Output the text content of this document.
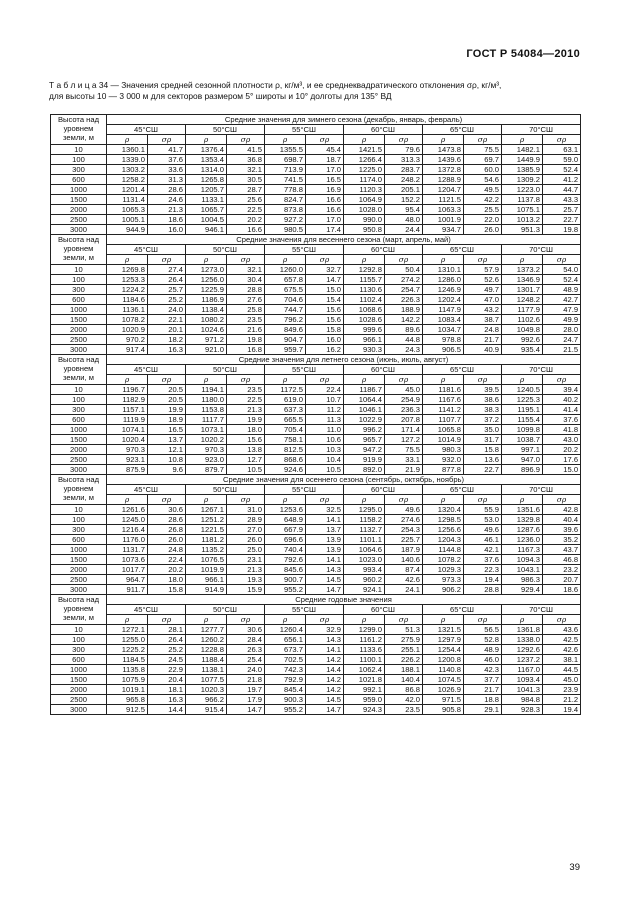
ГОСТ Р 54084—2010
Т а б л и ц а 34 — Значения средней сезонной плотности ρ, кг/м³, и ее среднеквадратического отклонения σρ, кг/м³,
для высоты 10 — 3 000 м для секторов размером 5° широты и 10° долготы для 135° ВД
Высота над уровнем земли, м	Средние значения для зимнего сезона (декабрь, январь, февраль)											
	45°СШ		50°СШ		55°СШ		60°СШ		65°СШ		70°СШ	
	ρ	σρ	ρ	σρ	ρ	σρ	ρ	σρ	ρ	σρ	ρ	σρ
10	1360.1	41.7	1376.4	41.5	1355.5	45.4	1421.5	79.6	1473.8	75.5	1482.1	63.1
100	1339.0	37.6	1353.4	36.8	698.7	18.7	1266.4	313.3	1439.6	69.7	1449.9	59.0
300	1303.2	33.6	1314.0	32.1	713.9	17.0	1225.0	283.7	1372.8	60.0	1385.9	52.4
600	1258.2	31.3	1265.8	30.5	741.5	16.5	1174.0	248.2	1288.9	54.6	1309.2	41.2
1000	1201.4	28.6	1205.7	28.7	778.8	16.9	1120.3	205.1	1204.7	49.5	1223.0	44.7
1500	1131.4	24.6	1133.1	25.6	824.7	16.6	1064.9	152.2	1121.5	42.2	1137.8	43.3
2000	1065.3	21.3	1065.7	22.5	873.8	16.6	1028.0	95.4	1063.3	25.5	1075.1	25.7
2500	1005.1	18.6	1004.5	20.2	927.2	17.0	990.0	48.0	1001.9	22.0	1013.2	22.7
3000	944.9	16.0	946.1	16.6	980.5	17.4	950.8	24.4	934.7	26.0	951.3	19.8
Высота над уровнем земли, м	Средние значения для весеннего сезона (март, апрель, май)											
	45°СШ		50°СШ		55°СШ		60°СШ		65°СШ		70°СШ	
	ρ	σρ	ρ	σρ	ρ	σρ	ρ	σρ	ρ	σρ	ρ	σρ
10	1269.8	27.4	1273.0	32.1	1260.0	32.7	1292.8	50.4	1310.1	57.9	1373.2	54.0
100	1253.3	26.4	1256.0	30.4	657.8	14.7	1155.7	274.2	1286.0	52.6	1346.9	52.4
300	1224.2	25.7	1225.9	28.8	675.5	15.0	1130.6	254.7	1246.9	49.7	1301.7	48.9
600	1184.6	25.2	1186.9	27.6	704.6	15.4	1102.4	226.3	1202.4	47.0	1248.2	42.7
1000	1136.1	24.0	1138.4	25.8	744.7	15.6	1068.6	188.9	1147.9	43.2	1177.9	47.9
1500	1078.2	22.1	1080.2	23.5	796.2	15.6	1028.6	142.2	1083.4	38.7	1102.6	49.9
2000	1020.9	20.1	1024.6	21.6	849.6	15.8	999.6	89.6	1034.7	24.8	1049.8	28.0
2500	970.2	18.2	971.2	19.8	904.7	16.0	966.1	44.8	978.8	21.7	992.6	24.7
3000	917.4	16.3	921.0	16.8	959.7	16.2	930.3	24.3	906.5	40.9	935.4	21.5
Высота над уровнем земли, м	Средние значения для летнего сезона (июнь, июль, август)											
	45°СШ		50°СШ		55°СШ		60°СШ		65°СШ		70°СШ	
	ρ	σρ	ρ	σρ	ρ	σρ	ρ	σρ	ρ	σρ	ρ	σρ
10	1196.7	20.5	1194.1	23.5	1172.5	22.4	1186.7	45.0	1181.6	39.5	1240.5	39.4
100	1182.9	20.5	1180.0	22.5	619.0	10.7	1064.4	254.9	1167.6	38.6	1225.3	40.2
300	1157.1	19.9	1153.8	21.3	637.3	11.2	1046.1	236.3	1141.2	38.3	1195.1	41.4
600	1119.9	18.9	1117.7	19.9	665.5	11.3	1022.9	207.8	1107.7	37.2	1155.4	37.6
1000	1074.1	16.5	1073.1	18.0	705.4	11.0	996.2	171.4	1065.8	35.0	1099.8	41.8
1500	1020.4	13.7	1020.2	15.6	758.1	10.6	965.7	127.2	1014.9	31.7	1038.7	43.0
2000	970.3	12.1	970.3	13.8	812.5	10.3	947.2	75.5	980.3	15.8	997.1	20.2
2500	923.1	10.8	923.0	12.7	868.6	10.4	919.9	33.1	932.0	13.6	947.0	17.6
3000	875.9	9.6	879.7	10.5	924.6	10.5	892.0	21.9	877.8	22.7	896.9	15.0
Высота над уровнем земли, м	Средние значения для осеннего сезона (сентябрь, октябрь, ноябрь)											
	45°СШ		50°СШ		55°СШ		60°СШ		65°СШ		70°СШ	
	ρ	σρ	ρ	σρ	ρ	σρ	ρ	σρ	ρ	σρ	ρ	σρ
10	1261.6	30.6	1267.1	31.0	1253.6	32.5	1295.0	49.6	1320.4	55.9	1351.6	42.8
100	1245.0	28.6	1251.2	28.9	648.9	14.1	1158.2	274.6	1298.5	53.0	1329.8	40.4
300	1216.4	26.8	1221.5	27.0	667.9	13.7	1132.7	254.3	1256.6	49.6	1287.6	39.6
600	1176.0	26.0	1181.2	26.0	696.6	13.9	1101.1	225.7	1204.3	46.1	1236.0	35.2
1000	1131.7	24.8	1135.2	25.0	740.4	13.9	1064.6	187.9	1144.8	42.1	1167.3	43.7
1500	1073.6	22.4	1076.5	23.1	792.6	14.1	1023.0	140.6	1078.2	37.6	1094.3	46.8
2000	1017.7	20.2	1019.9	21.3	845.6	14.3	993.4	87.4	1029.3	22.3	1043.1	23.2
2500	964.7	18.0	966.1	19.3	900.7	14.5	960.2	42.6	973.3	19.4	986.3	20.7
3000	911.7	15.8	914.9	15.9	955.2	14.7	924.1	24.1	906.2	28.8	929.4	18.6
Высота над уровнем земли, м	Средние годовые значения											
	45°СШ		50°СШ		55°СШ		60°СШ		65°СШ		70°СШ	
	ρ	σρ	ρ	σρ	ρ	σρ	ρ	σρ	ρ	σρ	ρ	σρ
10	1272.1	28.1	1277.7	30.6	1260.4	32.9	1299.0	51.3	1321.5	56.5	1361.8	43.6
100	1255.0	26.4	1260.2	28.4	656.1	14.3	1161.2	275.9	1297.9	52.8	1338.0	42.5
300	1225.2	25.2	1228.8	26.3	673.7	14.1	1133.6	255.1	1254.4	48.9	1292.6	42.6
600	1184.5	24.5	1188.4	25.4	702.5	14.2	1100.1	226.2	1200.8	46.0	1237.2	38.1
1000	1135.8	22.9	1138.1	24.0	742.3	14.4	1062.4	188.1	1140.8	42.3	1167.0	44.5
1500	1075.9	20.4	1077.5	21.8	792.9	14.2	1021.8	140.4	1074.5	37.7	1093.4	45.0
2000	1019.1	18.1	1020.3	19.7	845.4	14.2	992.1	86.8	1026.9	21.7	1041.3	23.9
2500	965.8	16.3	966.2	17.9	900.3	14.5	959.0	42.0	971.5	18.8	984.8	21.2
3000	912.5	14.4	915.4	14.7	955.2	14.7	924.3	23.5	905.8	29.1	928.3	19.4
39
